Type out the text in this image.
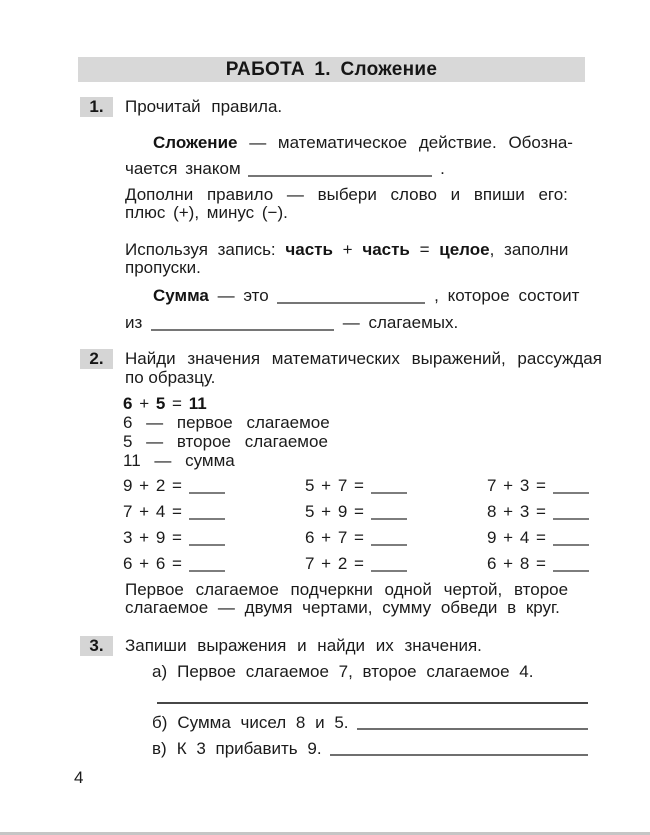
РАБОТА 1. Сложение
1.	Прочитай правила.
Сложение — математическое действие. Обозна-
чается знаком	.
Дополни правило — выбери слово и впиши его:
плюс (+), минус (−).
Используя запись: часть + часть = целое, заполни
пропуски.
Сумма — это	, которое состоит
из	— слагаемых.
2.	Найди значения математических выражений, рассуждая
по образцу.
6 + 5 = 11
6 — первое слагаемое
5 — второе слагаемое
11 — сумма
9 + 2 =	5 + 7 =	7 + 3 =
7 + 4 =	5 + 9 =	8 + 3 =
3 + 9 =	6 + 7 =	9 + 4 =
6 + 6 =	7 + 2 =	6 + 8 =
Первое слагаемое подчеркни одной чертой, второе
слагаемое — двумя чертами, сумму обведи в круг.
3.	Запиши выражения и найди их значения.
а) Первое слагаемое 7, второе слагаемое 4.
б) Сумма чисел 8 и 5.
в) К 3 прибавить 9.
4
